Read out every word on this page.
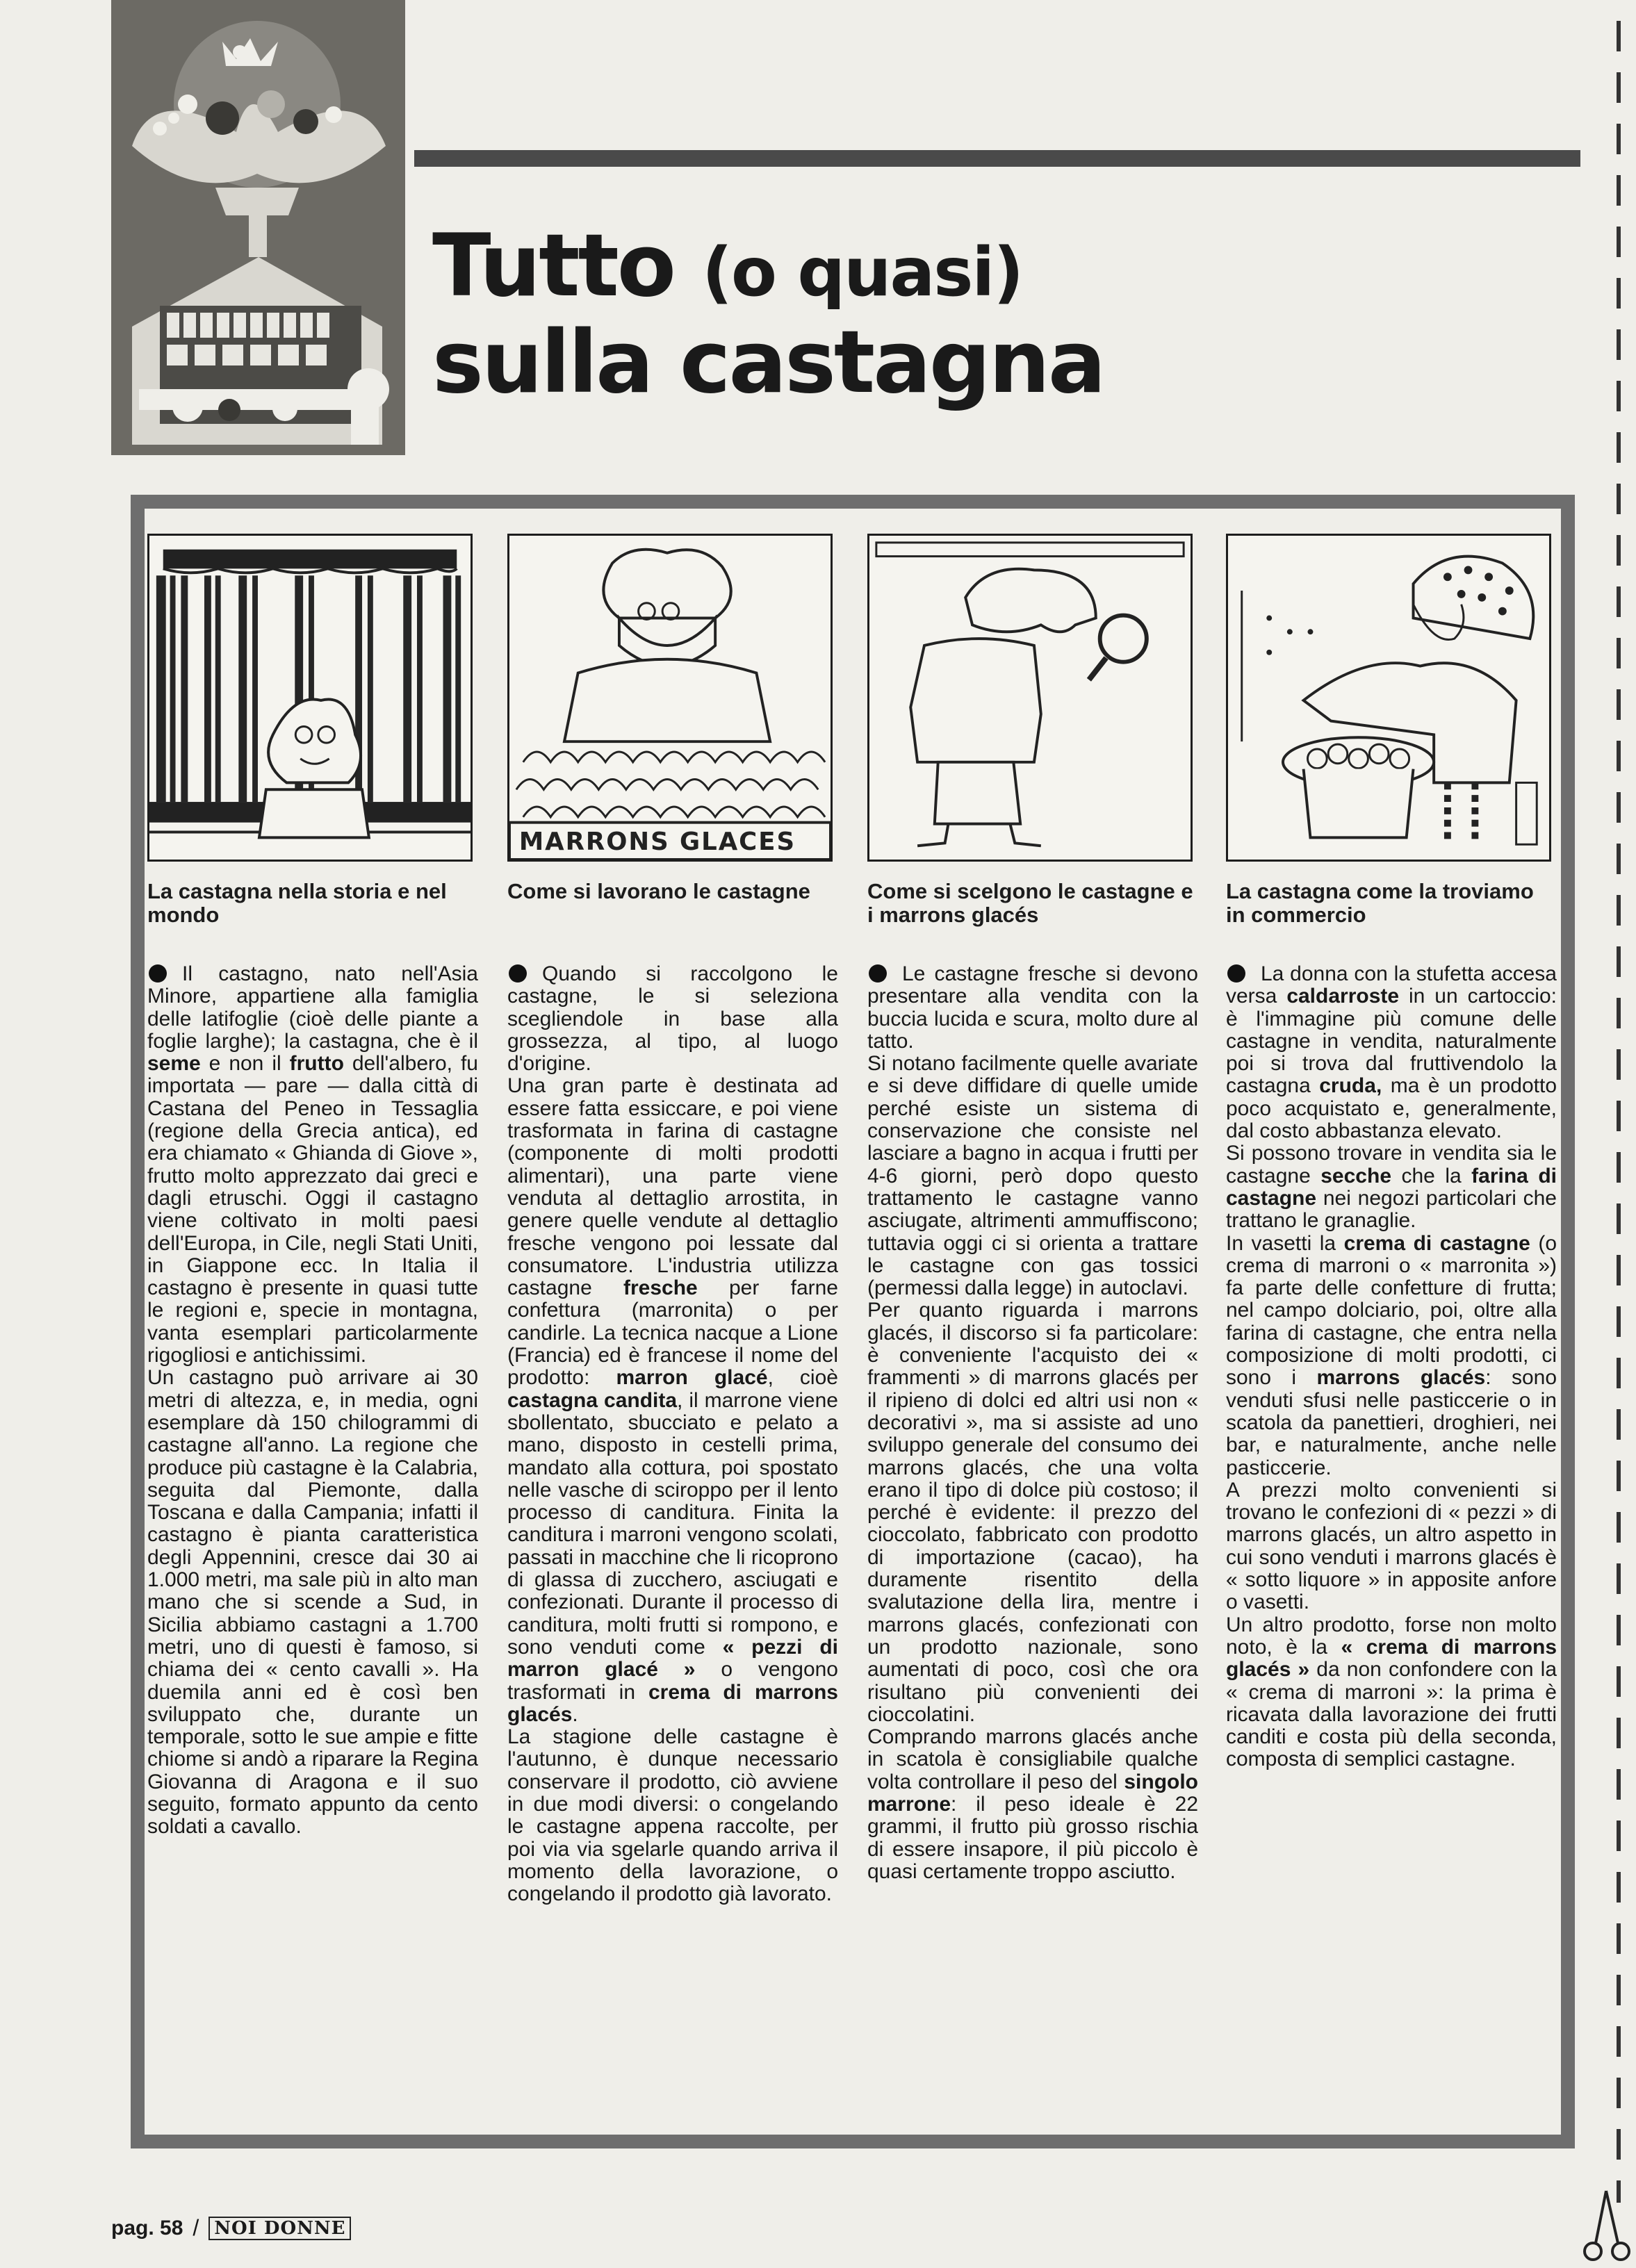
Tutto (o quasi)
sulla castagna
La castagna nella storia e nel mondo

Il castagno, nato nell'Asia Minore, appartiene alla famiglia delle latifoglie (cioè delle piante a foglie larghe); la castagna, che è il seme e non il frutto dell'albero, fu importata — pare — dalla città di Castana del Peneo in Tessaglia (regione della Grecia antica), ed era chiamato « Ghianda di Giove », frutto molto apprezzato dai greci e dagli etruschi. Oggi il castagno viene coltivato in molti paesi dell'Europa, in Cile, negli Stati Uniti, in Giappone ecc. In Italia il castagno è presente in quasi tutte le regioni e, specie in montagna, vanta esemplari particolarmente rigogliosi e antichissimi.

Un castagno può arrivare ai 30 metri di altezza, e, in media, ogni esemplare dà 150 chilogrammi di castagne all'anno. La regione che produce più castagne è la Calabria, seguita dal Piemonte, dalla Toscana e dalla Campania; infatti il castagno è pianta caratteristica degli Appennini, cresce dai 30 ai 1.000 metri, ma sale più in alto man mano che si scende a Sud, in Sicilia abbiamo castagni a 1.700 metri, uno di questi è famoso, si chiama dei « cento cavalli ». Ha duemila anni ed è così ben sviluppato che, durante un temporale, sotto le sue ampie e fitte chiome si andò a riparare la Regina Giovanna di Aragona e il suo seguito, formato appunto da cento soldati a cavallo.

MARRONS GLACES
Come si lavorano le castagne

Quando si raccolgono le castagne, le si seleziona scegliendole in base alla grossezza, al tipo, al luogo d'origine.

Una gran parte è destinata ad essere fatta essiccare, e poi viene trasformata in farina di castagne (componente di molti prodotti alimentari), una parte viene venduta al dettaglio arrostita, in genere quelle vendute al dettaglio fresche vengono poi lessate dal consumatore. L'industria utilizza castagne fresche per farne confettura (marronita) o per candirle. La tecnica nacque a Lione (Francia) ed è francese il nome del prodotto: marron glacé, cioè castagna candita, il marrone viene sbollentato, sbucciato e pelato a mano, disposto in cestelli prima, mandato alla cottura, poi spostato nelle vasche di sciroppo per il lento processo di canditura. Finita la canditura i marroni vengono scolati, passati in macchine che li ricoprono di glassa di zucchero, asciugati e confezionati. Durante il processo di canditura, molti frutti si rompono, e sono venduti come « pezzi di marron glacé » o vengono trasformati in crema di marrons glacés.

La stagione delle castagne è l'autunno, è dunque necessario conservare il prodotto, ciò avviene in due modi diversi: o congelando le castagne appena raccolte, per poi via via sgelarle quando arriva il momento della lavorazione, o congelando il prodotto già lavorato.

Come si scelgono le castagne e i marrons glacés

Le castagne fresche si devono presentare alla vendita con la buccia lucida e scura, molto dure al tatto.

Si notano facilmente quelle avariate e si deve diffidare di quelle umide perché esiste un sistema di conservazione che consiste nel lasciare a bagno in acqua i frutti per 4-6 giorni, però dopo questo trattamento le castagne vanno asciugate, altrimenti ammuffiscono; tuttavia oggi ci si orienta a trattare le castagne con gas tossici (permessi dalla legge) in autoclavi.

Per quanto riguarda i marrons glacés, il discorso si fa particolare: è conveniente l'acquisto dei « frammenti » di marrons glacés per il ripieno di dolci ed altri usi non « decorativi », ma si assiste ad uno sviluppo generale del consumo dei marrons glacés, che una volta erano il tipo di dolce più costoso; il perché è evidente: il prezzo del cioccolato, fabbricato con prodotto di importazione (cacao), ha duramente risentito della svalutazione della lira, mentre i marrons glacés, confezionati con un prodotto nazionale, sono aumentati di poco, così che ora risultano più convenienti dei cioccolatini.

Comprando marrons glacés anche in scatola è consigliabile qualche volta controllare il peso del singolo marrone: il peso ideale è 22 grammi, il frutto più grosso rischia di essere insapore, il più piccolo è quasi certamente troppo asciutto.

La castagna come la troviamo in commercio

La donna con la stufetta accesa versa caldarroste in un cartoccio: è l'immagine più comune delle castagne in vendita, naturalmente poi si trova dal fruttivendolo la castagna cruda, ma è un prodotto poco acquistato e, generalmente, dal costo abbastanza elevato.

Si possono trovare in vendita sia le castagne secche che la farina di castagne nei negozi particolari che trattano le granaglie.

In vasetti la crema di castagne (o crema di marroni o « marronita ») fa parte delle confetture di frutta; nel campo dolciario, poi, oltre alla farina di castagne, che entra nella composizione di molti prodotti, ci sono i marrons glacés: sono venduti sfusi nelle pasticcerie o in scatola da panettieri, droghieri, nei bar, e naturalmente, anche nelle pasticcerie.

A prezzi molto convenienti si trovano le confezioni di « pezzi » di marrons glacés, un altro aspetto in cui sono venduti i marrons glacés è « sotto liquore » in apposite anfore o vasetti.

Un altro prodotto, forse non molto noto, è la « crema di marrons glacés » da non confondere con la « crema di marroni »: la prima è ricavata dalla lavorazione dei frutti canditi e costa più della seconda, composta di semplici castagne.

pag. 58 / NOI DONNE
